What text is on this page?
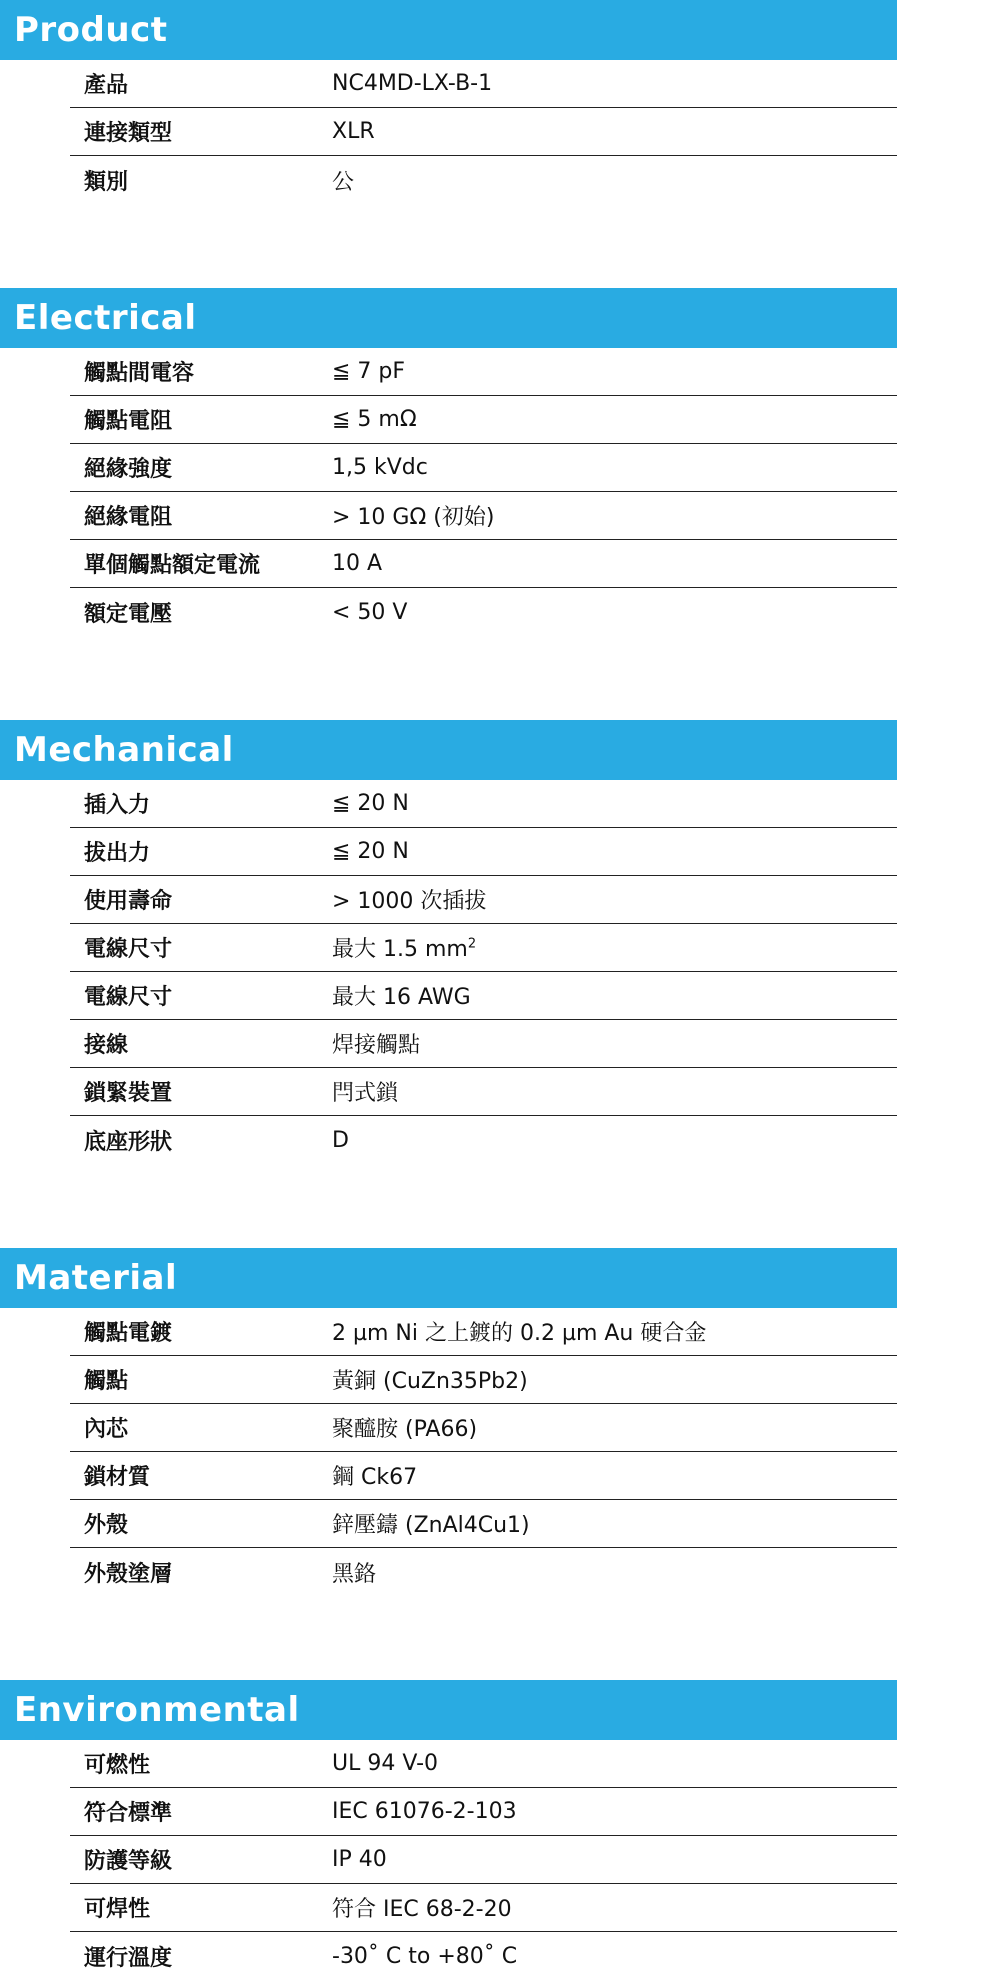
Product
產品	NC4MD-LX-B-1
連接類型	XLR
類別	公
Electrical
觸點間電容	≦ 7 pF
觸點電阻	≦ 5 mΩ
絕緣強度	1,5 kVdc
絕緣電阻	> 10 GΩ (初始)
單個觸點額定電流	10 A
額定電壓	< 50 V
Mechanical
插入力	≦ 20 N
拔出力	≦ 20 N
使用壽命	> 1000 次插拔
電線尺寸	最大 1.5 $mm^2$
電線尺寸	最大 16 AWG
接線	焊接觸點
鎖緊裝置	閂式鎖
底座形狀	D
Material
觸點電鍍	2 µm Ni 之上鍍的 0.2 µm Au 硬合金
觸點	黃銅 (CuZn35Pb2)
內芯	聚醯胺 (PA66)
鎖材質	鋼 Ck67
外殼	鋅壓鑄 (ZnAl4Cu1)
外殼塗層	黑鉻
Environmental
可燃性	UL 94 V-0
符合標準	IEC 61076-2-103
防護等級	IP 40
可焊性	符合 IEC 68-2-20
運行溫度	-30˚ C to +80˚ C
